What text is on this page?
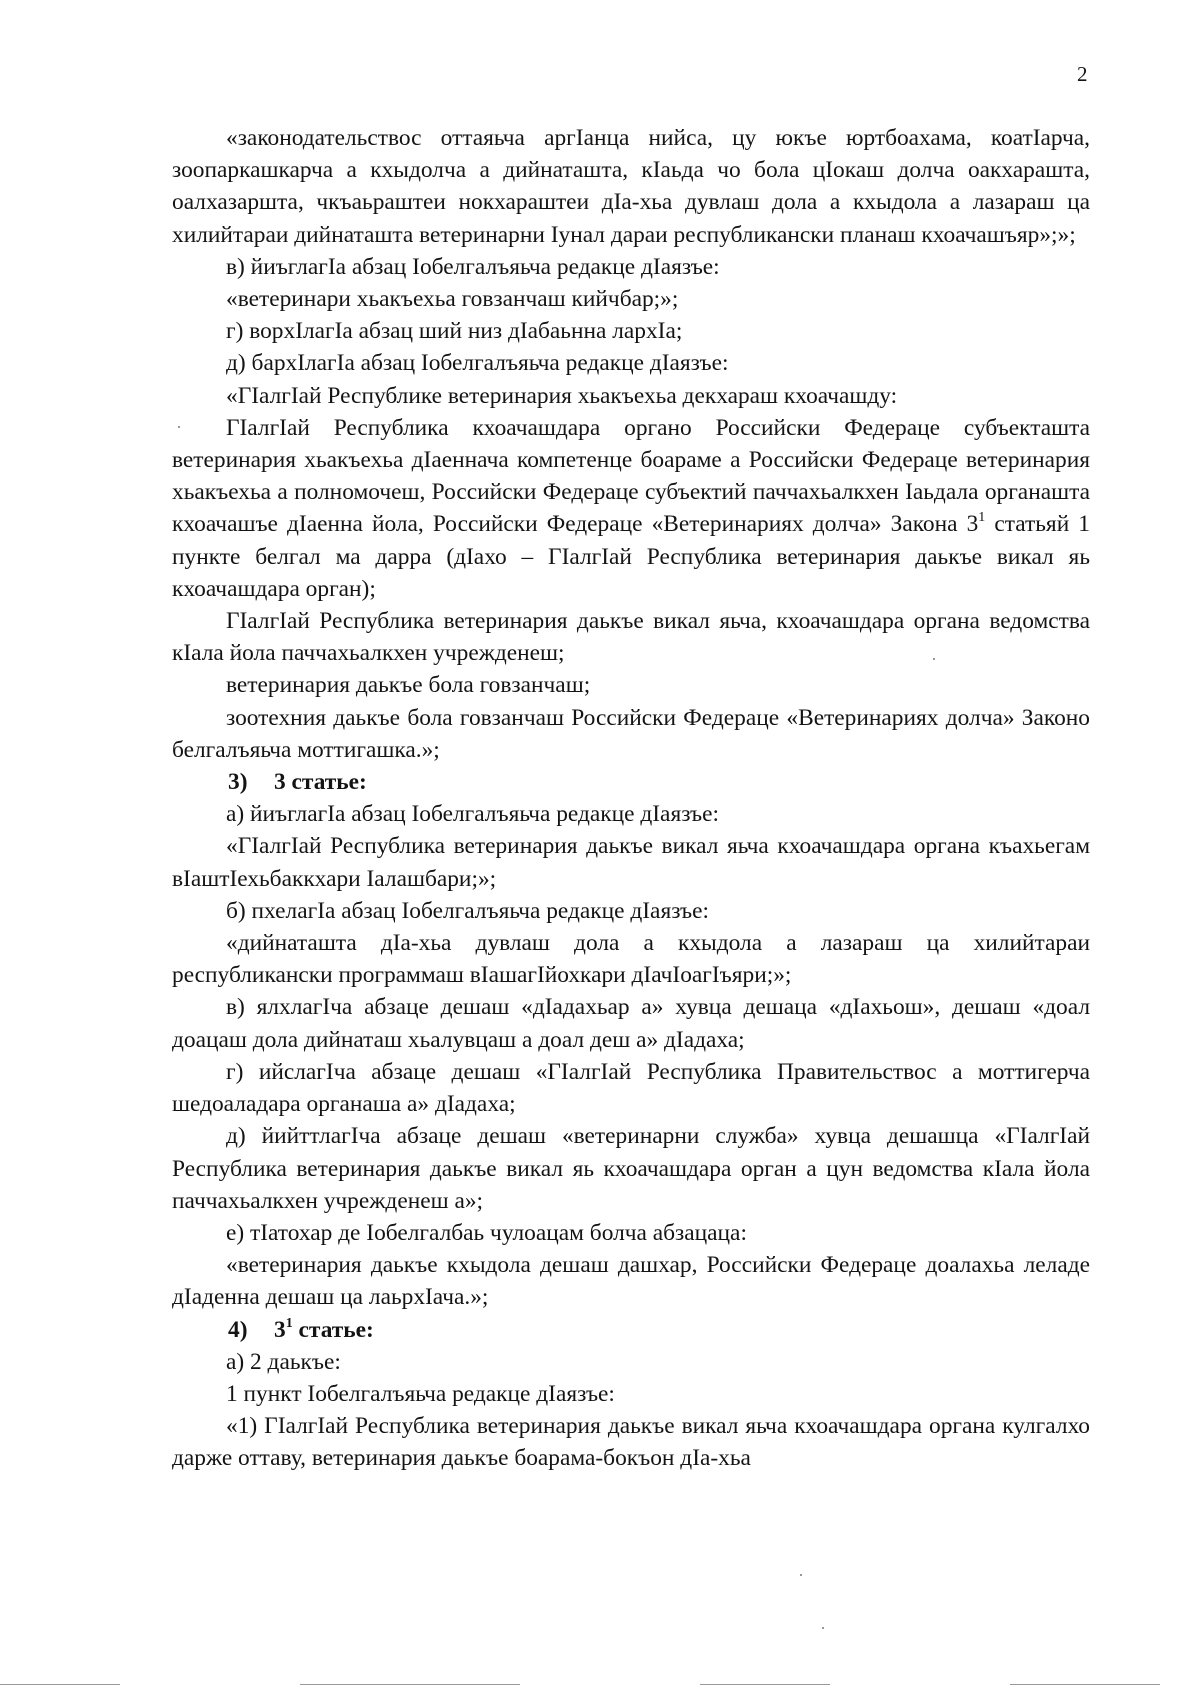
2

«законодательствос оттаяьча аргIанца нийса, цу юкъе юртбоахама, коатIарча, зоопаркашкарча а кхыдолча а дийнаташта, кIаьда чо бола цIокаш долча оакхарашта, оалхазаршта, чкъаьраштеи нокхараштеи дIа-хьа дувлаш дола а кхыдола а лазараш ца хилийтараи дийнаташта ветеринарни Iунал дараи республикански планаш кхоачашъяр»;»;

в) йиъглагIа абзац Iобелгалъяьча редакце дIаязъе:

«ветеринари хьакъехьа говзанчаш кийчбар;»;

г) ворхIлагIа абзац ший низ дIабаьнна лархIа;

д) бархIлагIа абзац Iобелгалъяьча редакце дIаязъе:

«ГIалгIай Республике ветеринария хьакъехьа декхараш кхоачашду:

ГIалгIай Республика кхоачашдара органо Российски Федераце субъекташта ветеринария хьакъехьа дIаеннача компетенце боараме а Российски Федераце ветеринария хьакъехьа а полномочеш, Российски Федераце субъектий паччахьалкхен Iаьдала органашта кхоачашъе дIаенна йола, Российски Федераце «Ветеринариях долча» Закона $3^1$ статьяй 1 пункте белгал ма дарра (дIахо – ГIалгIай Республика ветеринария даькъе викал яь кхоачашдара орган);

ГIалгIай Республика ветеринария даькъе викал яьча, кхоачашдара органа ведомства кIала йола паччахьалкхен учрежденеш;

ветеринария даькъе бола говзанчаш;

зоотехния даькъе бола говзанчаш Российски Федераце «Ветеринариях долча» Законо белгалъяьча моттигашка.»;

3) 3 статье:

а) йиъглагIа абзац Iобелгалъяьча редакце дIаязъе:

«ГIалгIай Республика ветеринария даькъе викал яьча кхоачашдара органа къахьегам вIаштIехьбаккхари Iалашбари;»;

б) пхелагIа абзац Iобелгалъяьча редакце дIаязъе:

«дийнаташта дIа-хьа дувлаш дола а кхыдола а лазараш ца хилийтараи республикански программаш вIашагIйохкари дIачIоагIъяри;»;

в) ялхлагIча абзаце дешаш «дIадахьар а» хувца дешаца «дIахьош», дешаш «доал доацаш дола дийнаташ хьалувцаш а доал деш а» дIадаха;

г) ийслагIча абзаце дешаш «ГIалгIай Республика Правительствос а моттигерча шедоаладара органаша а» дIадаха;

д) йийттлагIча абзаце дешаш «ветеринарни служба» хувца дешашца «ГIалгIай Республика ветеринария даькъе викал яь кхоачашдара орган а цун ведомства кIала йола паччахьалкхен учрежденеш а»;

е) тIатохар де Iобелгалбаь чулоацам болча абзацаца:

«ветеринария даькъе кхыдола дешаш дашхар, Российски Федераце доалахьа леладе дIаденна дешаш ца лаьрхIача.»;

4) $3^1$ статье:

а) 2 даькъе:

1 пункт Iобелгалъяьча редакце дIаязъе:

«1) ГIалгIай Республика ветеринария даькъе викал яьча кхоачашдара органа кулгалхо дарже оттаву, ветеринария даькъе боарама-бокъон дIа-хьа
